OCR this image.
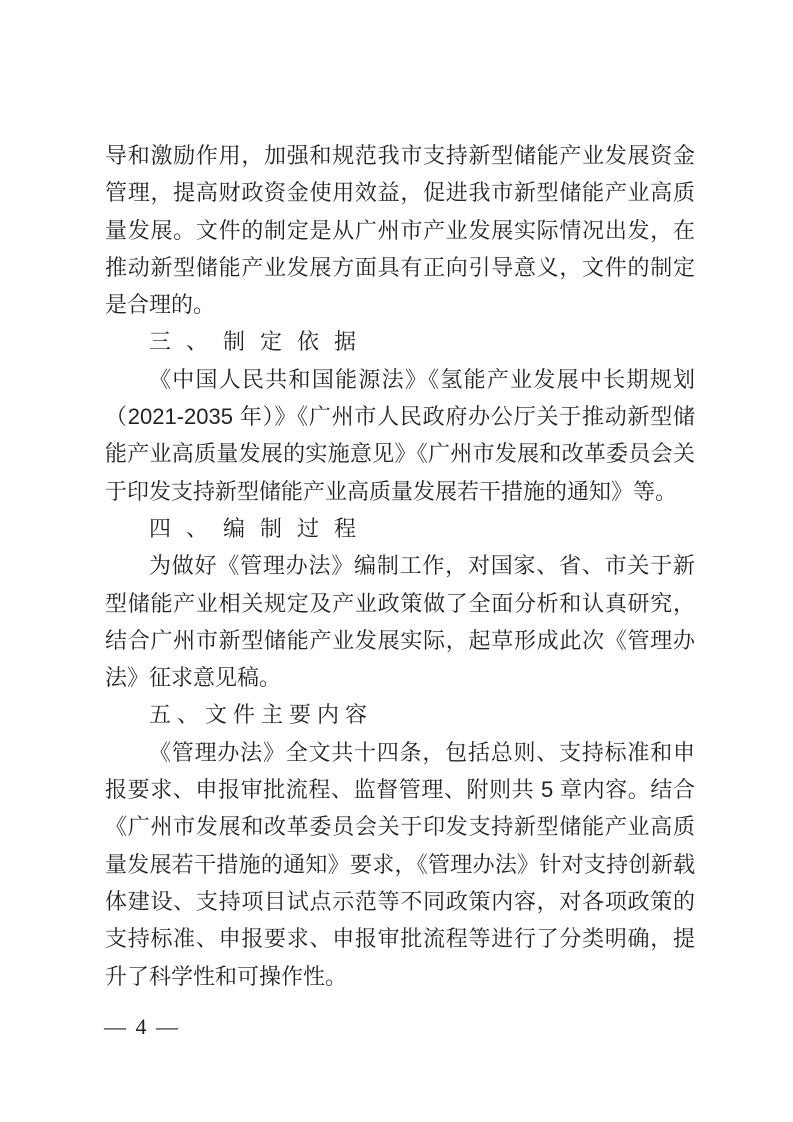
导和激励作用，加强和规范我市支持新型储能产业发展资金管理，提高财政资金使用效益，促进我市新型储能产业高质量发展。文件的制定是从广州市产业发展实际情况出发，在推动新型储能产业发展方面具有正向引导意义，文件的制定是合理的。

三、制定依据

《中国人民共和国能源法》《氢能产业发展中长期规划（2021-2035 年）》《广州市人民政府办公厅关于推动新型储能产业高质量发展的实施意见》《广州市发展和改革委员会关于印发支持新型储能产业高质量发展若干措施的通知》等。

四、编制过程

为做好《管理办法》编制工作，对国家、省、市关于新型储能产业相关规定及产业政策做了全面分析和认真研究，结合广州市新型储能产业发展实际，起草形成此次《管理办法》征求意见稿。

五、文件主要内容

《管理办法》全文共十四条，包括总则、支持标准和申报要求、申报审批流程、监督管理、附则共 5 章内容。结合《广州市发展和改革委员会关于印发支持新型储能产业高质量发展若干措施的通知》要求，《管理办法》针对支持创新载体建设、支持项目试点示范等不同政策内容，对各项政策的支持标准、申报要求、申报审批流程等进行了分类明确，提升了科学性和可操作性。

— 4 —
